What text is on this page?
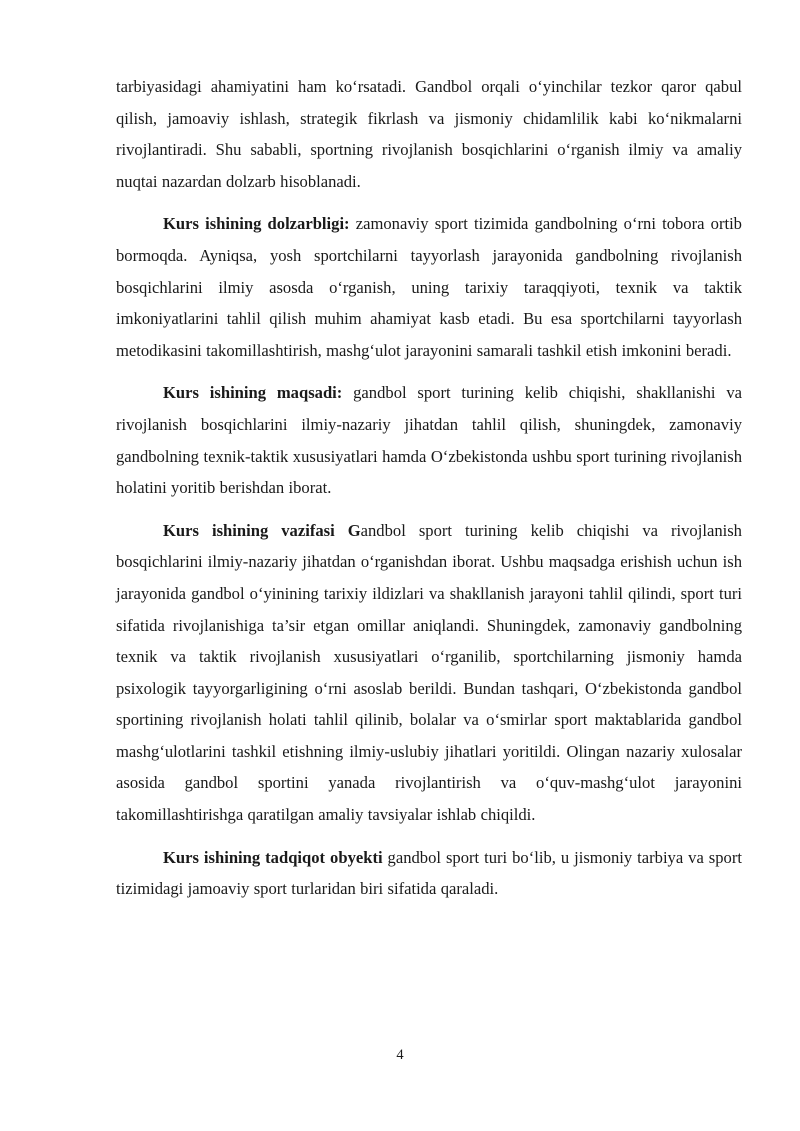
tarbiyasidagi ahamiyatini ham ko‘rsatadi. Gandbol orqali o‘yinchilar tezkor qaror qabul qilish, jamoaviy ishlash, strategik fikrlash va jismoniy chidamlilik kabi ko‘nikmalarni rivojlantiradi. Shu sababli, sportning rivojlanish bosqichlarini o‘rganish ilmiy va amaliy nuqtai nazardan dolzarb hisoblanadi.

Kurs ishining dolzarbligi: zamonaviy sport tizimida gandbolning o‘rni tobora ortib bormoqda. Ayniqsa, yosh sportchilarni tayyorlash jarayonida gandbolning rivojlanish bosqichlarini ilmiy asosda o‘rganish, uning tarixiy taraqqiyoti, texnik va taktik imkoniyatlarini tahlil qilish muhim ahamiyat kasb etadi. Bu esa sportchilarni tayyorlash metodikasini takomillashtirish, mashg‘ulot jarayonini samarali tashkil etish imkonini beradi.

Kurs ishining maqsadi: gandbol sport turining kelib chiqishi, shakllanishi va rivojlanish bosqichlarini ilmiy-nazariy jihatdan tahlil qilish, shuningdek, zamonaviy gandbolning texnik-taktik xususiyatlari hamda O‘zbekistonda ushbu sport turining rivojlanish holatini yoritib berishdan iborat.

Kurs ishining vazifasi Gandbol sport turining kelib chiqishi va rivojlanish bosqichlarini ilmiy-nazariy jihatdan o‘rganishdan iborat. Ushbu maqsadga erishish uchun ish jarayonida gandbol o‘yinining tarixiy ildizlari va shakllanish jarayoni tahlil qilindi, sport turi sifatida rivojlanishiga ta’sir etgan omillar aniqlandi. Shuningdek, zamonaviy gandbolning texnik va taktik rivojlanish xususiyatlari o‘rganilib, sportchilarning jismoniy hamda psixologik tayyorgarligining o‘rni asoslab berildi. Bundan tashqari, O‘zbekistonda gandbol sportining rivojlanish holati tahlil qilinib, bolalar va o‘smirlar sport maktablarida gandbol mashg‘ulotlarini tashkil etishning ilmiy-uslubiy jihatlari yoritildi. Olingan nazariy xulosalar asosida gandbol sportini yanada rivojlantirish va o‘quv-mashg‘ulot jarayonini takomillashtirishga qaratilgan amaliy tavsiyalar ishlab chiqildi.

Kurs ishining tadqiqot obyekti gandbol sport turi bo‘lib, u jismoniy tarbiya va sport tizimidagi jamoaviy sport turlaridan biri sifatida qaraladi.

4
